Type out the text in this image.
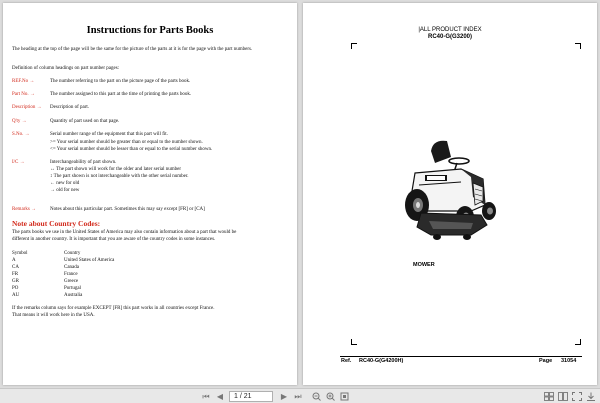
Instructions for Parts Books
The heading at the top of the page will be the same for the picture of the parts at it is for the page with the part numbers.
Definition of column headings on part number pages:
REF.No →	The number referring to the part on the picture page of the parts book.
Part No. →	The number assigned to this part at the time of printing the parts book.
Description → Description of part.
Q'ty →	Quantity of part used on that page.
S.No. →	Serial number range of the equipment that this part will fit.
>= Your serial number should be greater than or equal to the number shown.
<= Your serial number should be lesser than or equal to the serial number shown.
I/C →	Interchangeability of part shown.
↔ The part shown will work for the older and later serial number
↕ The part shown is not interchangeable with the other serial number.
← new for old
→ old for new
Remarks →	Notes about this particular part. Sometimes this may say except [FR] or [CA]
Note about Country Codes:
The parts books we use in the United States of America may also contain information about a part that would be
different in another country. It is important that you are aware of the country codes in some instances.
Symbol	Country
A	United States of America
CA	Canada
FR	France
GR	Greece
PO	Portugal
AU	Australia
If the remarks column says for example EXCEPT [FR] this part works in all countries except France.
That means it will work here in the USA.
|ALL PRODUCT INDEX
RC40-G(G3200)
MOWER
Ref. RC40-G(G4200H)	Page 31054
⏮ ◀	1 / 21	▶ ⏭
